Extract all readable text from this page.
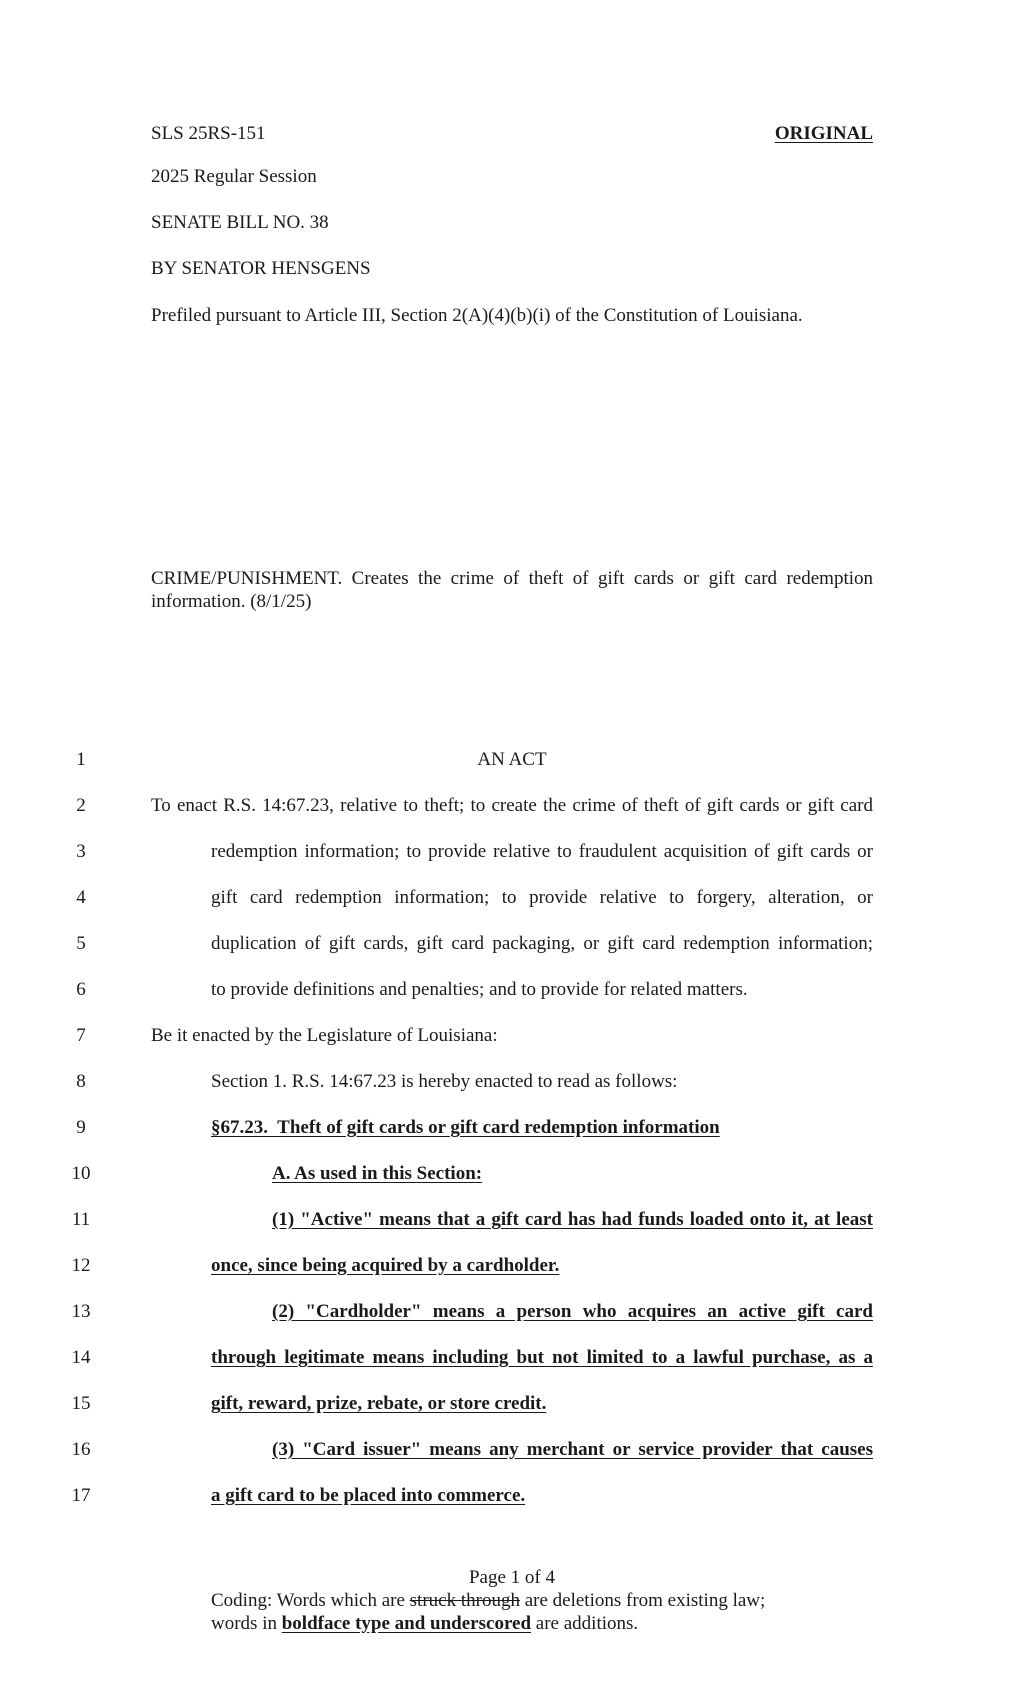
SLS 25RS-151	ORIGINAL
2025 Regular Session
SENATE BILL NO. 38
BY SENATOR HENSGENS
Prefiled pursuant to Article III, Section 2(A)(4)(b)(i) of the Constitution of Louisiana.
CRIME/PUNISHMENT. Creates the crime of theft of gift cards or gift card redemption
information. (8/1/25)
1	AN ACT
2	To enact R.S. 14:67.23, relative to theft; to create the crime of theft of gift cards or gift card
3	redemption information; to provide relative to fraudulent acquisition of gift cards or
4	gift card redemption information; to provide relative to forgery, alteration, or
5	duplication of gift cards, gift card packaging, or gift card redemption information;
6	to provide definitions and penalties; and to provide for related matters.
7	Be it enacted by the Legislature of Louisiana:
8	Section 1. R.S. 14:67.23 is hereby enacted to read as follows:
9	§67.23.  Theft of gift cards or gift card redemption information
10	A. As used in this Section:
11	(1) "Active" means that a gift card has had funds loaded onto it, at least
12	once, since being acquired by a cardholder.
13	(2) "Cardholder" means a person who acquires an active gift card
14	through legitimate means including but not limited to a lawful purchase, as a
15	gift, reward, prize, rebate, or store credit.
16	(3) "Card issuer" means any merchant or service provider that causes
17	a gift card to be placed into commerce.
Page 1 of 4
Coding: Words which are struck through are deletions from existing law;
words in boldface type and underscored are additions.
